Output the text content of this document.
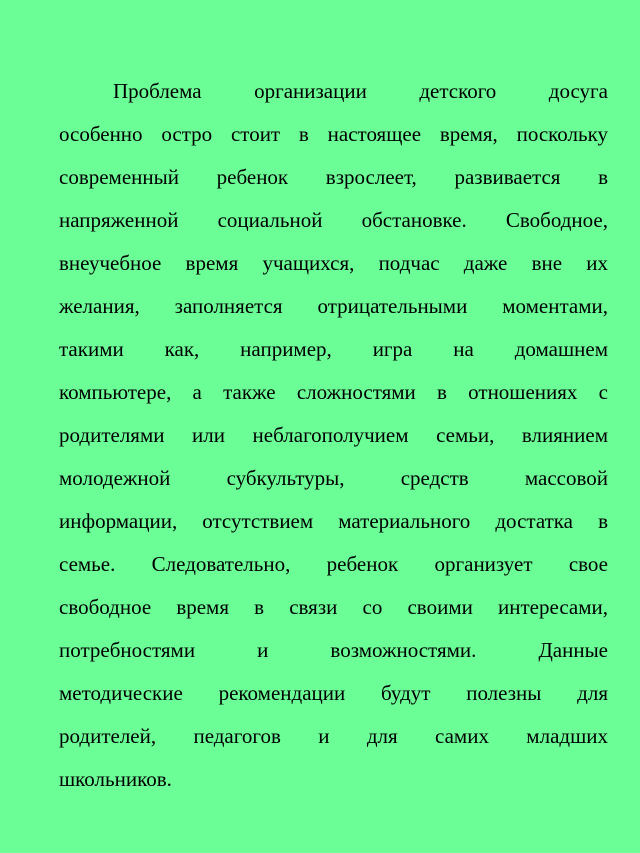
Проблема организации детского досуга
особенно остро стоит в настоящее время, поскольку
современный ребенок взрослеет, развивается в
напряженной социальной обстановке. Свободное,
внеучебное время учащихся, подчас даже вне их
желания, заполняется отрицательными моментами,
такими как, например, игра на домашнем
компьютере, а также сложностями в отношениях с
родителями или неблагополучием семьи, влиянием
молодежной субкультуры, средств массовой
информации, отсутствием материального достатка в
семье. Следовательно, ребенок организует свое
свободное время в связи со своими интересами,
потребностями и возможностями. Данные
методические рекомендации будут полезны для
родителей, педагогов и для самих младших
школьников.
